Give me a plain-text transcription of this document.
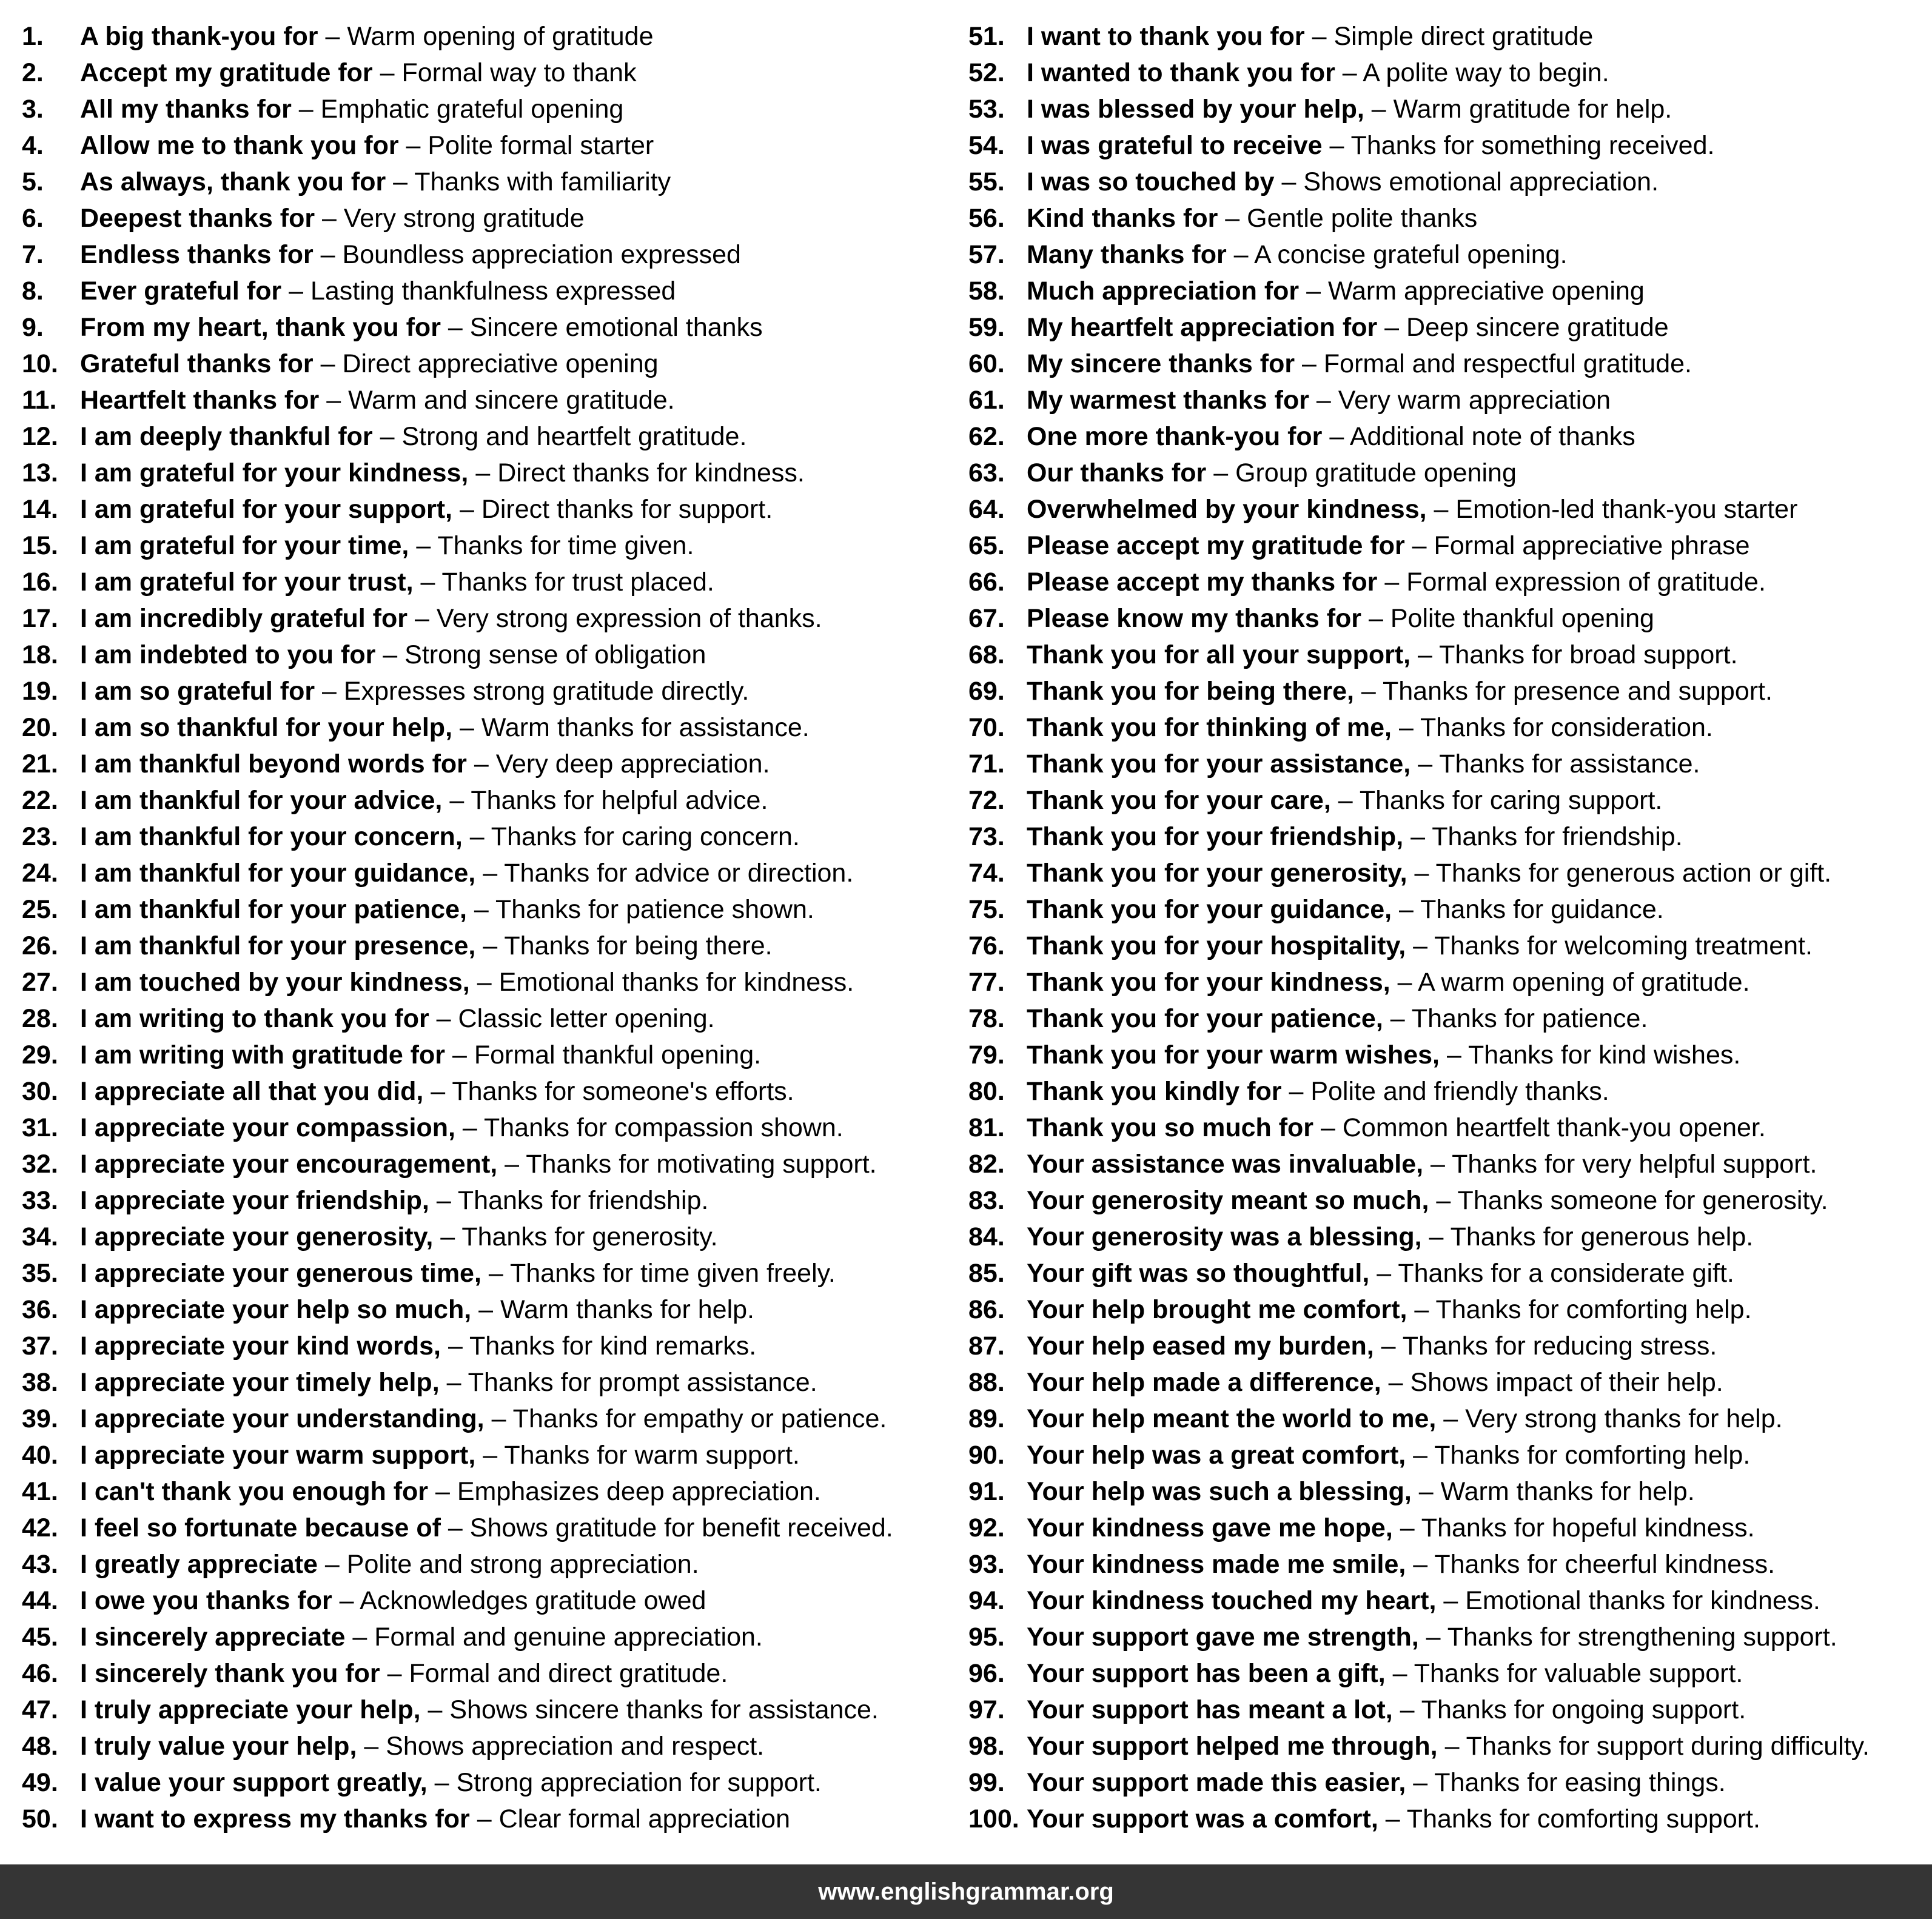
1. A big thank-you for – Warm opening of gratitude
2. Accept my gratitude for – Formal way to thank
3. All my thanks for – Emphatic grateful opening
4. Allow me to thank you for – Polite formal starter
5. As always, thank you for – Thanks with familiarity
6. Deepest thanks for – Very strong gratitude
7. Endless thanks for – Boundless appreciation expressed
8. Ever grateful for – Lasting thankfulness expressed
9. From my heart, thank you for – Sincere emotional thanks
10. Grateful thanks for – Direct appreciative opening
11. Heartfelt thanks for – Warm and sincere gratitude.
12. I am deeply thankful for – Strong and heartfelt gratitude.
13. I am grateful for your kindness, – Direct thanks for kindness.
14. I am grateful for your support, – Direct thanks for support.
15. I am grateful for your time, – Thanks for time given.
16. I am grateful for your trust, – Thanks for trust placed.
17. I am incredibly grateful for – Very strong expression of thanks.
18. I am indebted to you for – Strong sense of obligation
19. I am so grateful for – Expresses strong gratitude directly.
20. I am so thankful for your help, – Warm thanks for assistance.
21. I am thankful beyond words for – Very deep appreciation.
22. I am thankful for your advice, – Thanks for helpful advice.
23. I am thankful for your concern, – Thanks for caring concern.
24. I am thankful for your guidance, – Thanks for advice or direction.
25. I am thankful for your patience, – Thanks for patience shown.
26. I am thankful for your presence, – Thanks for being there.
27. I am touched by your kindness, – Emotional thanks for kindness.
28. I am writing to thank you for – Classic letter opening.
29. I am writing with gratitude for – Formal thankful opening.
30. I appreciate all that you did, – Thanks for someone's efforts.
31. I appreciate your compassion, – Thanks for compassion shown.
32. I appreciate your encouragement, – Thanks for motivating support.
33. I appreciate your friendship, – Thanks for friendship.
34. I appreciate your generosity, – Thanks for generosity.
35. I appreciate your generous time, – Thanks for time given freely.
36. I appreciate your help so much, – Warm thanks for help.
37. I appreciate your kind words, – Thanks for kind remarks.
38. I appreciate your timely help, – Thanks for prompt assistance.
39. I appreciate your understanding, – Thanks for empathy or patience.
40. I appreciate your warm support, – Thanks for warm support.
41. I can't thank you enough for – Emphasizes deep appreciation.
42. I feel so fortunate because of – Shows gratitude for benefit received.
43. I greatly appreciate – Polite and strong appreciation.
44. I owe you thanks for – Acknowledges gratitude owed
45. I sincerely appreciate – Formal and genuine appreciation.
46. I sincerely thank you for – Formal and direct gratitude.
47. I truly appreciate your help, – Shows sincere thanks for assistance.
48. I truly value your help, – Shows appreciation and respect.
49. I value your support greatly, – Strong appreciation for support.
50. I want to express my thanks for – Clear formal appreciation
51. I want to thank you for – Simple direct gratitude
52. I wanted to thank you for – A polite way to begin.
53. I was blessed by your help, – Warm gratitude for help.
54. I was grateful to receive – Thanks for something received.
55. I was so touched by – Shows emotional appreciation.
56. Kind thanks for – Gentle polite thanks
57. Many thanks for – A concise grateful opening.
58. Much appreciation for – Warm appreciative opening
59. My heartfelt appreciation for – Deep sincere gratitude
60. My sincere thanks for – Formal and respectful gratitude.
61. My warmest thanks for – Very warm appreciation
62. One more thank-you for – Additional note of thanks
63. Our thanks for – Group gratitude opening
64. Overwhelmed by your kindness, – Emotion-led thank-you starter
65. Please accept my gratitude for – Formal appreciative phrase
66. Please accept my thanks for – Formal expression of gratitude.
67. Please know my thanks for – Polite thankful opening
68. Thank you for all your support, – Thanks for broad support.
69. Thank you for being there, – Thanks for presence and support.
70. Thank you for thinking of me, – Thanks for consideration.
71. Thank you for your assistance, – Thanks for assistance.
72. Thank you for your care, – Thanks for caring support.
73. Thank you for your friendship, – Thanks for friendship.
74. Thank you for your generosity, – Thanks for generous action or gift.
75. Thank you for your guidance, – Thanks for guidance.
76. Thank you for your hospitality, – Thanks for welcoming treatment.
77. Thank you for your kindness, – A warm opening of gratitude.
78. Thank you for your patience, – Thanks for patience.
79. Thank you for your warm wishes, – Thanks for kind wishes.
80. Thank you kindly for – Polite and friendly thanks.
81. Thank you so much for – Common heartfelt thank-you opener.
82. Your assistance was invaluable, – Thanks for very helpful support.
83. Your generosity meant so much, – Thanks someone for generosity.
84. Your generosity was a blessing, – Thanks for generous help.
85. Your gift was so thoughtful, – Thanks for a considerate gift.
86. Your help brought me comfort, – Thanks for comforting help.
87. Your help eased my burden, – Thanks for reducing stress.
88. Your help made a difference, – Shows impact of their help.
89. Your help meant the world to me, – Very strong thanks for help.
90. Your help was a great comfort, – Thanks for comforting help.
91. Your help was such a blessing, – Warm thanks for help.
92. Your kindness gave me hope, – Thanks for hopeful kindness.
93. Your kindness made me smile, – Thanks for cheerful kindness.
94. Your kindness touched my heart, – Emotional thanks for kindness.
95. Your support gave me strength, – Thanks for strengthening support.
96. Your support has been a gift, – Thanks for valuable support.
97. Your support has meant a lot, – Thanks for ongoing support.
98. Your support helped me through, – Thanks for support during difficulty.
99. Your support made this easier, – Thanks for easing things.
100. Your support was a comfort, – Thanks for comforting support.
www.englishgrammar.org
